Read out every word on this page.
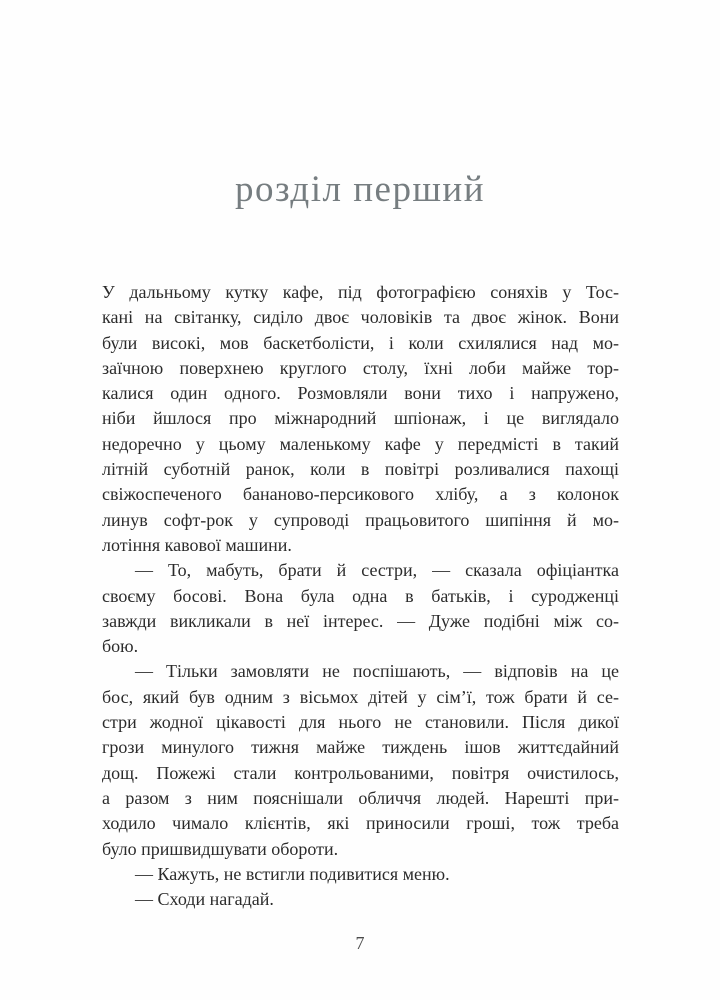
розділ перший

У дальньому кутку кафе, під фотографією соняхів у Тос-
кані на світанку, сиділо двоє чоловіків та двоє жінок. Вони
були високі, мов баскетболісти, і коли схилялися над мо-
заїчною поверхнею круглого столу, їхні лоби майже тор-
калися один одного. Розмовляли вони тихо і напружено,
ніби йшлося про міжнародний шпіонаж, і це виглядало
недоречно у цьому маленькому кафе у передмісті в такий
літній суботній ранок, коли в повітрі розливалися пахощі
свіжоспеченого бананово-персикового хлібу, а з колонок
линув софт-рок у супроводі працьовитого шипіння й мо-
лотіння кавової машини.

— То, мабуть, брати й сестри, — сказала офіціантка
своєму босові. Вона була одна в батьків, і суродженці
завжди викликали в неї інтерес. — Дуже подібні між со-
бою.

— Тільки замовляти не поспішають, — відповів на це
бос, який був одним з вісьмох дітей у сім’ї, тож брати й се-
стри жодної цікавості для нього не становили. Після дикої
грози минулого тижня майже тиждень ішов життєдайний
дощ. Пожежі стали контрольованими, повітря очистилось,
а разом з ним пояснішали обличчя людей. Нарешті при-
ходило чимало клієнтів, які приносили гроші, тож треба
було пришвидшувати обороти.

— Кажуть, не встигли подивитися меню.

— Сходи нагадай.

7
